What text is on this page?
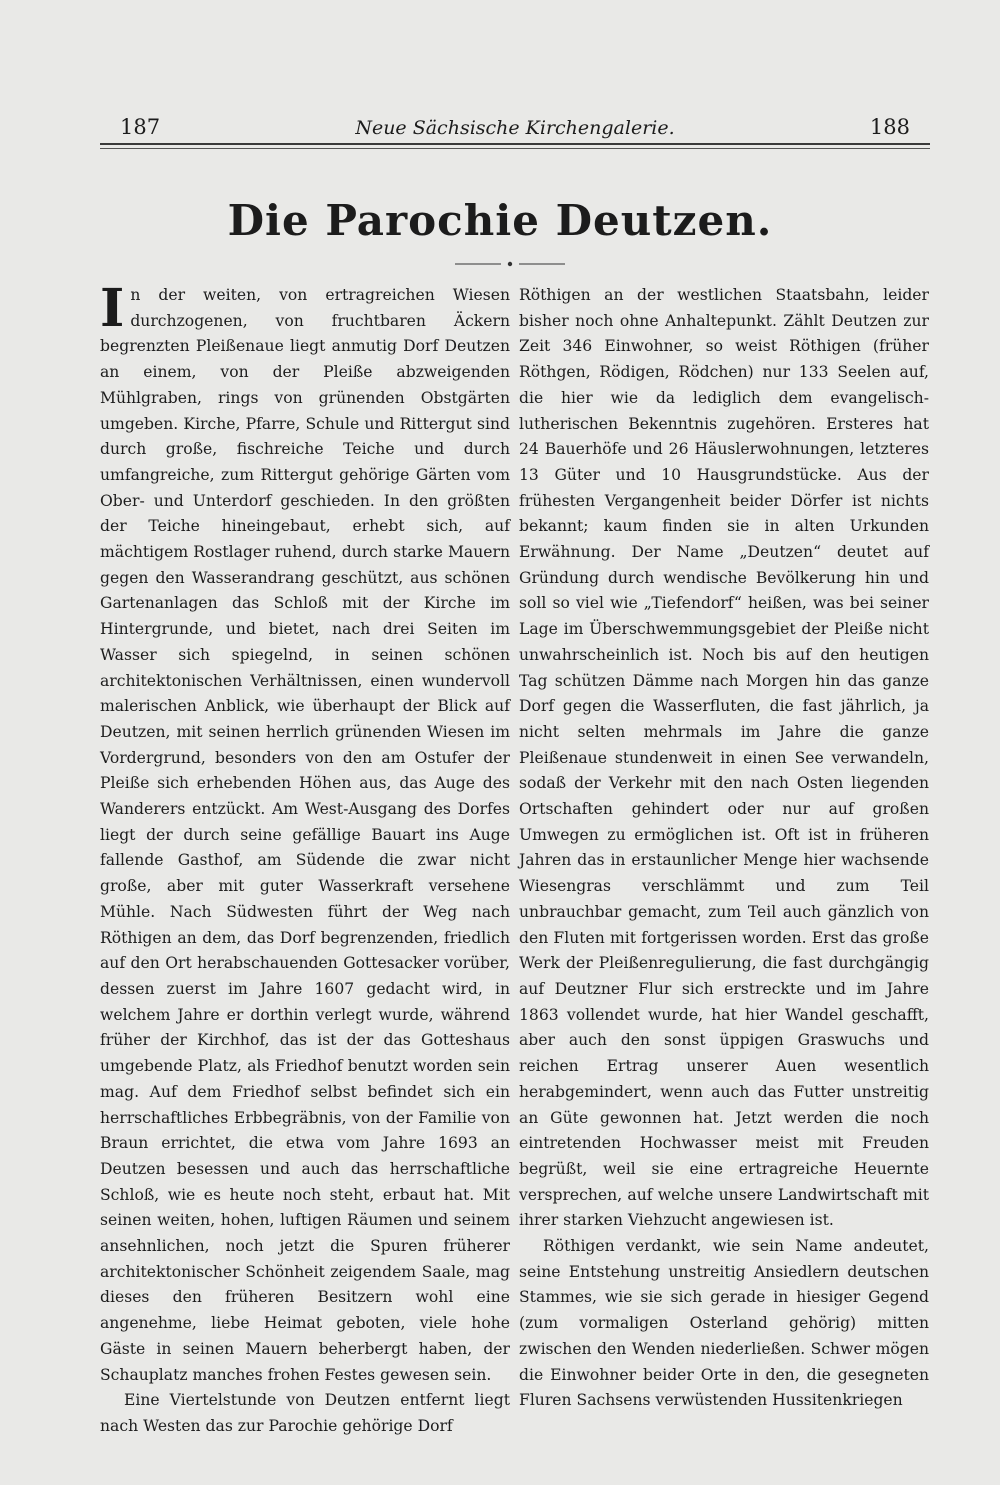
187	Neue Sächsische Kirchengalerie.	188
Die Parochie Deutzen.

In der weiten, von ertragreichen Wiesen durchzogenen, von fruchtbaren Äckern begrenzten Pleißenaue liegt anmutig Dorf Deutzen an einem, von der Pleiße abzweigenden Mühlgraben, rings von grünenden Obstgärten umgeben. Kirche, Pfarre, Schule und Rittergut sind durch große, fischreiche Teiche und durch umfangreiche, zum Rittergut gehörige Gärten vom Ober- und Unterdorf geschieden. In den größten der Teiche hineingebaut, erhebt sich, auf mächtigem Rostlager ruhend, durch starke Mauern gegen den Wasserandrang geschützt, aus schönen Gartenanlagen das Schloß mit der Kirche im Hintergrunde, und bietet, nach drei Seiten im Wasser sich spiegelnd, in seinen schönen architektonischen Verhältnissen, einen wundervoll malerischen Anblick, wie überhaupt der Blick auf Deutzen, mit seinen herrlich grünenden Wiesen im Vordergrund, besonders von den am Ostufer der Pleiße sich erhebenden Höhen aus, das Auge des Wanderers entzückt. Am West-Ausgang des Dorfes liegt der durch seine gefällige Bauart ins Auge fallende Gasthof, am Südende die zwar nicht große, aber mit guter Wasserkraft versehene Mühle. Nach Südwesten führt der Weg nach Röthigen an dem, das Dorf begrenzenden, friedlich auf den Ort herabschauenden Gottesacker vorüber, dessen zuerst im Jahre 1607 gedacht wird, in welchem Jahre er dorthin verlegt wurde, während früher der Kirchhof, das ist der das Gotteshaus umgebende Platz, als Friedhof benutzt worden sein mag. Auf dem Friedhof selbst befindet sich ein herrschaftliches Erbbegräbnis, von der Familie von Braun errichtet, die etwa vom Jahre 1693 an Deutzen besessen und auch das herrschaftliche Schloß, wie es heute noch steht, erbaut hat. Mit seinen weiten, hohen, luftigen Räumen und seinem ansehnlichen, noch jetzt die Spuren früherer architektonischer Schönheit zeigendem Saale, mag dieses den früheren Besitzern wohl eine angenehme, liebe Heimat geboten, viele hohe Gäste in seinen Mauern beherbergt haben, der Schauplatz manches frohen Festes gewesen sein.

Eine Viertelstunde von Deutzen entfernt liegt nach Westen das zur Parochie gehörige Dorf

Röthigen an der westlichen Staatsbahn, leider bisher noch ohne Anhaltepunkt. Zählt Deutzen zur Zeit 346 Einwohner, so weist Röthigen (früher Röthgen, Rödigen, Rödchen) nur 133 Seelen auf, die hier wie da lediglich dem evangelisch-lutherischen Bekenntnis zugehören. Ersteres hat 24 Bauerhöfe und 26 Häuslerwohnungen, letzteres 13 Güter und 10 Hausgrundstücke. Aus der frühesten Vergangenheit beider Dörfer ist nichts bekannt; kaum finden sie in alten Urkunden Erwähnung. Der Name „Deutzen“ deutet auf Gründung durch wendische Bevölkerung hin und soll so viel wie „Tiefendorf“ heißen, was bei seiner Lage im Überschwemmungsgebiet der Pleiße nicht unwahrscheinlich ist. Noch bis auf den heutigen Tag schützen Dämme nach Morgen hin das ganze Dorf gegen die Wasserfluten, die fast jährlich, ja nicht selten mehrmals im Jahre die ganze Pleißenaue stundenweit in einen See verwandeln, sodaß der Verkehr mit den nach Osten liegenden Ortschaften gehindert oder nur auf großen Umwegen zu ermöglichen ist. Oft ist in früheren Jahren das in erstaunlicher Menge hier wachsende Wiesengras verschlämmt und zum Teil unbrauchbar gemacht, zum Teil auch gänzlich von den Fluten mit fortgerissen worden. Erst das große Werk der Pleißenregulierung, die fast durchgängig auf Deutzner Flur sich erstreckte und im Jahre 1863 vollendet wurde, hat hier Wandel geschafft, aber auch den sonst üppigen Graswuchs und reichen Ertrag unserer Auen wesentlich herabgemindert, wenn auch das Futter unstreitig an Güte gewonnen hat. Jetzt werden die noch eintretenden Hochwasser meist mit Freuden begrüßt, weil sie eine ertragreiche Heuernte versprechen, auf welche unsere Landwirtschaft mit ihrer starken Viehzucht angewiesen ist.

Röthigen verdankt, wie sein Name andeutet, seine Entstehung unstreitig Ansiedlern deutschen Stammes, wie sie sich gerade in hiesiger Gegend (zum vormaligen Osterland gehörig) mitten zwischen den Wenden niederließen. Schwer mögen die Einwohner beider Orte in den, die gesegneten Fluren Sachsens verwüstenden Hussitenkriegen
